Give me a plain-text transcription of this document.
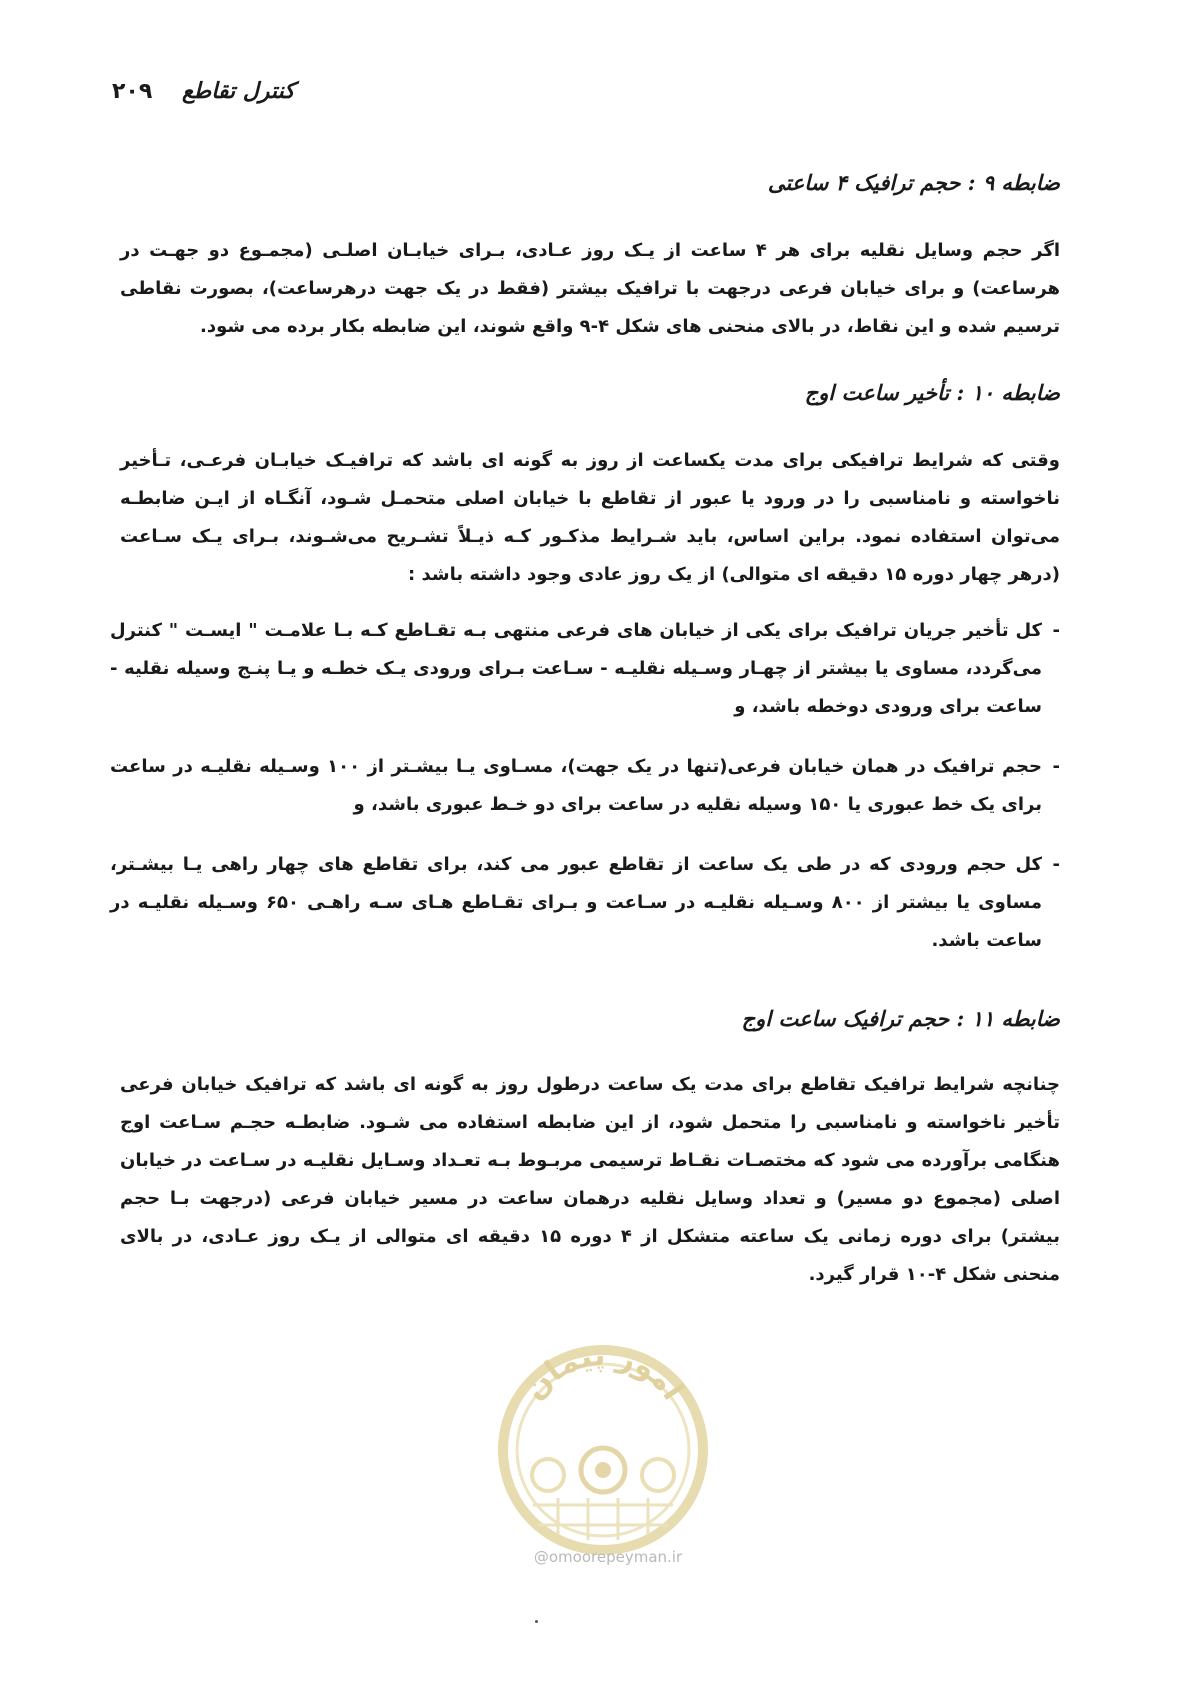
کنترل تقاطع ۲۰۹
ضابطه ۹ : حجم ترافیک ۴ ساعتی

اگر حجم وسایل نقلیه برای هر ۴ ساعت از یـک روز عـادی، بـرای خیابـان اصلـی (مجمـوع دو جهـت در هرساعت) و برای خیابان فرعی درجهت با ترافیک بیشتر (فقط در یک جهت درهرساعت)، بصورت نقاطی ترسیم شده و این نقاط، در بالای منحنی های شکل ۴-۹ واقع شوند، این ضابطه بکار برده می شود.

ضابطه ۱۰ : تأخیر ساعت اوج

وقتی که شرایط ترافیکی برای مدت یکساعت از روز به گونه ای باشد که ترافیـک خیابـان فرعـی، تـأخیر ناخواسته و نامناسبی را در ورود یا عبور از تقاطع با خیابان اصلی متحمـل شـود، آنگـاه از ایـن ضابطـه می‌توان استفاده نمود. براین اساس، باید شـرایط مذکـور کـه ذیـلاً تشـریح می‌شـوند، بـرای یـک سـاعت (درهر چهار دوره ۱۵ دقیقه ای متوالی) از یک روز عادی وجود داشته باشد :

-
کل تأخیر جریان ترافیک برای یکی از خیابان های فرعی منتهی بـه تقـاطع کـه بـا علامـت " ایسـت " کنترل می‌گردد، مساوی یا بیشتر از چهـار وسـیله نقلیـه - سـاعت بـرای ورودی یـک خطـه و یـا پنـج وسیله نقلیه - ساعت برای ورودی دوخطه باشد، و
-
حجم ترافیک در همان خیابان فرعی(تنها در یک جهت)، مسـاوی یـا بیشـتر از ۱۰۰ وسـیله نقلیـه در ساعت برای یک خط عبوری یا ۱۵۰ وسیله نقلیه در ساعت برای دو خـط عبوری باشد، و
-
کل حجم ورودی که در طی یک ساعت از تقاطع عبور می کند، برای تقاطع های چهار راهی یـا بیشـتر، مساوی یا بیشتر از ۸۰۰ وسـیله نقلیـه در سـاعت و بـرای تقـاطع هـای سـه راهـی ۶۵۰ وسـیله نقلیـه در ساعت باشد.
ضابطه ۱۱ : حجم ترافیک ساعت اوج

چنانچه شرایط ترافیک تقاطع برای مدت یک ساعت درطول روز به گونه ای باشد که ترافیک خیابان فرعی تأخیر ناخواسته و نامناسبی را متحمل شود، از این ضابطه استفاده می شـود. ضابطـه حجـم سـاعت اوج هنگامی برآورده می شود که مختصـات نقـاط ترسیمی مربـوط بـه تعـداد وسـایل نقلیـه در سـاعت در خیابان اصلی (مجموع دو مسیر) و تعداد وسایل نقلیه درهمان ساعت در مسیر خیابان فرعی (درجهت بـا حجم بیشتر) برای دوره زمانی یک ساعته متشکل از ۴ دوره ۱۵ دقیقه ای متوالی از یـک روز عـادی، در بالای منحنی شکل ۴-۱۰ قرار گیرد.

امور پیمان
@omoorepeyman.ir
